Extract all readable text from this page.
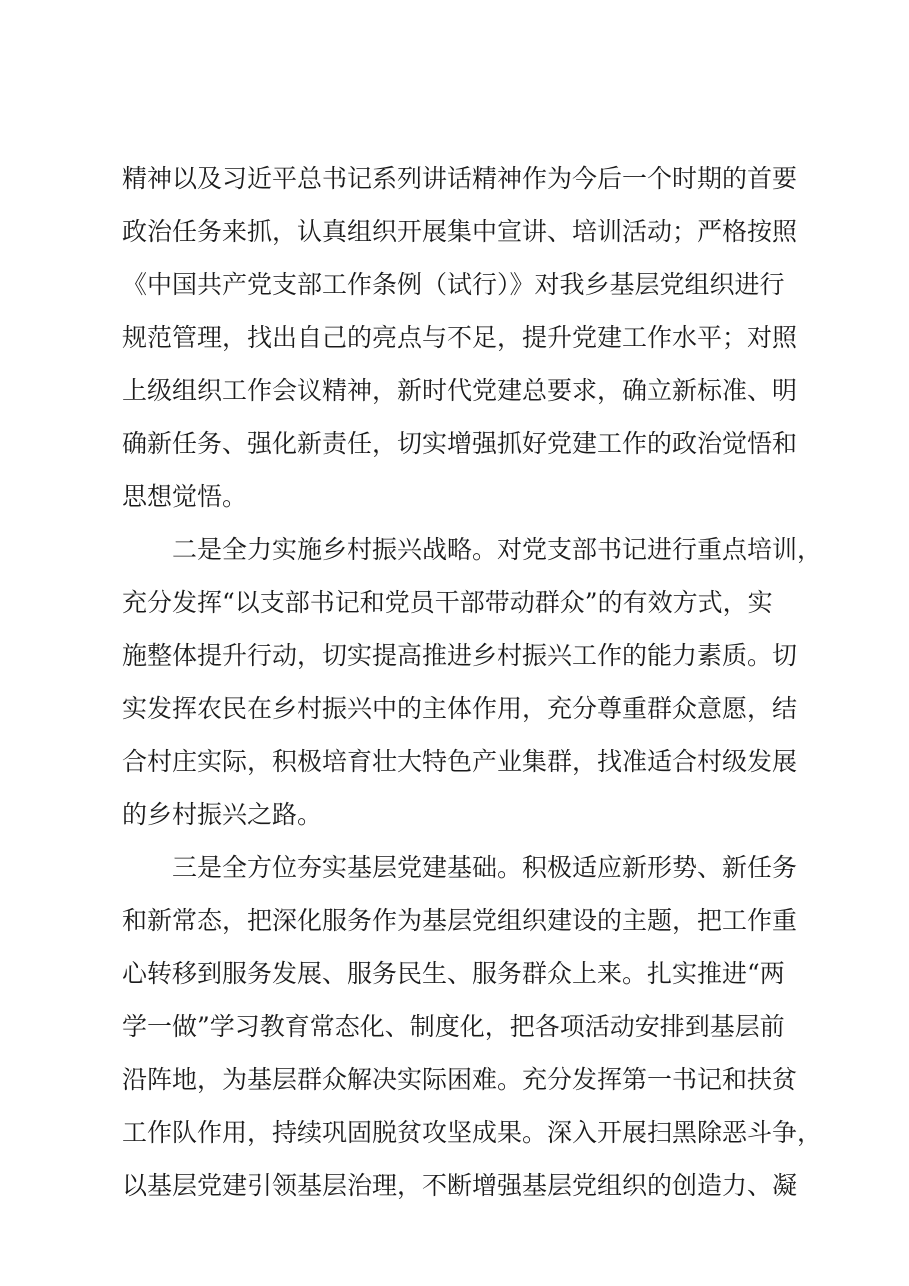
精神以及习近平总书记系列讲话精神作为今后一个时期的首要
政治任务来抓，认真组织开展集中宣讲、培训活动；严格按照
《中国共产党支部工作条例（试行）》对我乡基层党组织进行
规范管理，找出自己的亮点与不足，提升党建工作水平；对照
上级组织工作会议精神，新时代党建总要求，确立新标准、明
确新任务、强化新责任，切实增强抓好党建工作的政治觉悟和
思想觉悟。
二是全力实施乡村振兴战略。对党支部书记进行重点培训，
充分发挥“以支部书记和党员干部带动群众”的有效方式，实
施整体提升行动，切实提高推进乡村振兴工作的能力素质。切
实发挥农民在乡村振兴中的主体作用，充分尊重群众意愿，结
合村庄实际，积极培育壮大特色产业集群，找准适合村级发展
的乡村振兴之路。
三是全方位夯实基层党建基础。积极适应新形势、新任务
和新常态，把深化服务作为基层党组织建设的主题，把工作重
心转移到服务发展、服务民生、服务群众上来。扎实推进“两
学一做”学习教育常态化、制度化，把各项活动安排到基层前
沿阵地，为基层群众解决实际困难。充分发挥第一书记和扶贫
工作队作用，持续巩固脱贫攻坚成果。深入开展扫黑除恶斗争，
以基层党建引领基层治理，不断增强基层党组织的创造力、凝
